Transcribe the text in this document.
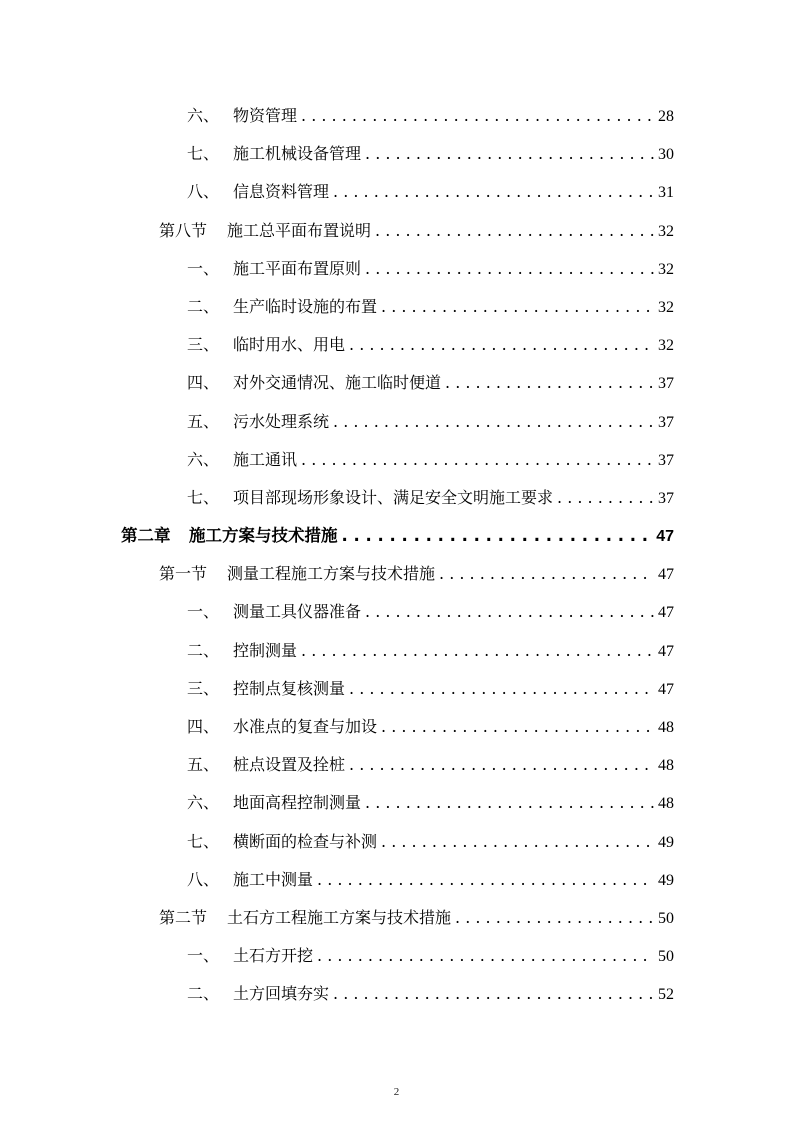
六、 物资管理 . . .	28
七、 施工机械设备管理 . . .	30
八、 信息资料管理 . . .	31
第八节	施工总平面布置说明 . . .	32
一、 施工平面布置原则 . . .	32
二、 生产临时设施的布置 . . .	32
三、 临时用水、用电 . . .	32
四、 对外交通情况、施工临时便道 . . .	37
五、 污水处理系统 . . .	37
六、 施工通讯 . . .	37
七、 项目部现场形象设计、满足安全文明施工要求 . . .	37
第二章	施工方案与技术措施 . . .	47
第一节	测量工程施工方案与技术措施 . . .	47
一、 测量工具仪器准备 . . .	47
二、 控制测量 . . .	47
三、 控制点复核测量 . . .	47
四、 水准点的复查与加设 . . .	48
五、 桩点设置及拴桩 . . .	48
六、 地面高程控制测量 . . .	48
七、 横断面的检查与补测 . . .	49
八、 施工中测量 . . .	49
第二节	土石方工程施工方案与技术措施 . . .	50
一、 土石方开挖 . . .	50
二、 土方回填夯实 . . .	52
2
